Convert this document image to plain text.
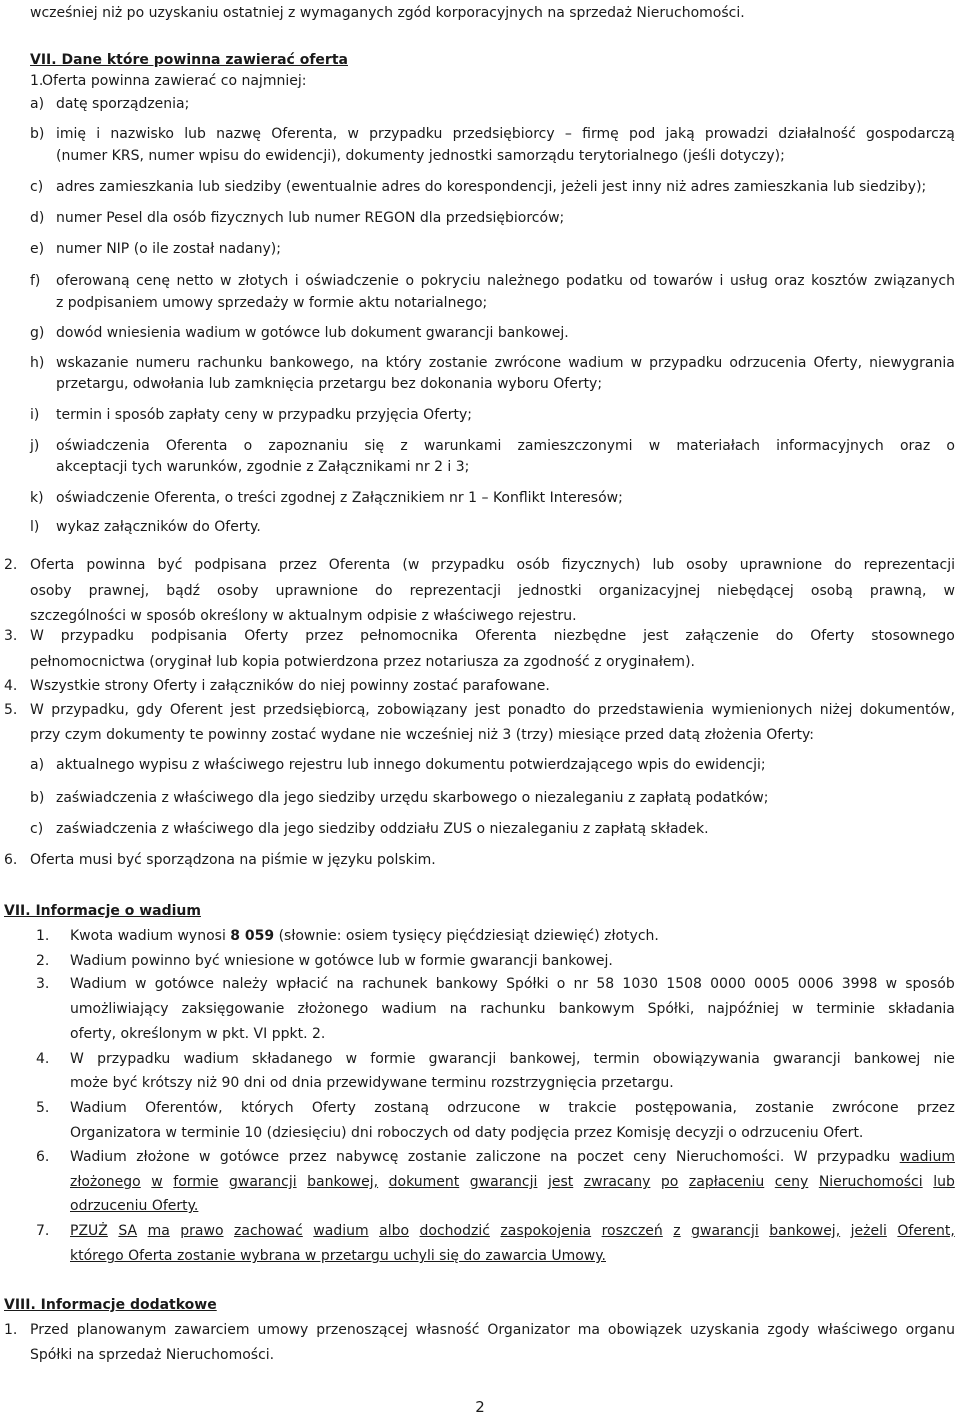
wcześniej niż po uzyskaniu ostatniej z wymaganych zgód korporacyjnych na sprzedaż Nieruchomości.
VII. Dane które powinna zawierać oferta
1.
Oferta powinna zawierać co najmniej:
a) datę sporządzenia;
b) imię i nazwisko lub nazwę Oferenta, w przypadku przedsiębiorcy – firmę pod jaką prowadzi działalność gospodarczą
(numer KRS, numer wpisu do ewidencji), dokumenty jednostki samorządu terytorialnego (jeśli dotyczy);
c) adres zamieszkania lub siedziby (ewentualnie adres do korespondencji, jeżeli jest inny niż adres zamieszkania lub siedziby);
d) numer Pesel dla osób fizycznych lub numer REGON dla przedsiębiorców;
e) numer NIP (o ile został nadany);
f) oferowaną cenę netto w złotych i oświadczenie o pokryciu należnego podatku od towarów i usług oraz kosztów związanych
z podpisaniem umowy sprzedaży w formie aktu notarialnego;
g) dowód wniesienia wadium w gotówce lub dokument gwarancji bankowej.
h) wskazanie numeru rachunku bankowego, na który zostanie zwrócone wadium w przypadku odrzucenia Oferty, niewygrania
przetargu, odwołania lub zamknięcia przetargu bez dokonania wyboru Oferty;
i) termin i sposób zapłaty ceny w przypadku przyjęcia Oferty;
j) oświadczenia Oferenta o zapoznaniu się z warunkami zamieszczonymi w materiałach informacyjnych oraz o
akceptacji tych warunków, zgodnie z Załącznikami nr 2 i 3;
k) oświadczenie Oferenta, o treści zgodnej z Załącznikiem nr 1 – Konflikt Interesów;
l) wykaz załączników do Oferty.
2. Oferta powinna być podpisana przez Oferenta (w przypadku osób fizycznych) lub osoby uprawnione do reprezentacji
osoby prawnej, bądź osoby uprawnione do reprezentacji jednostki organizacyjnej niebędącej osobą prawną, w
szczególności w sposób określony w aktualnym odpisie z właściwego rejestru.
3. W przypadku podpisania Oferty przez pełnomocnika Oferenta niezbędne jest załączenie do Oferty stosownego
pełnomocnictwa (oryginał lub kopia potwierdzona przez notariusza za zgodność z oryginałem).
4. Wszystkie strony Oferty i załączników do niej powinny zostać parafowane.
5. W przypadku, gdy Oferent jest przedsiębiorcą, zobowiązany jest ponadto do przedstawienia wymienionych niżej dokumentów,
przy czym dokumenty te powinny zostać wydane nie wcześniej niż 3 (trzy) miesiące przed datą złożenia Oferty:
a) aktualnego wypisu z właściwego rejestru lub innego dokumentu potwierdzającego wpis do ewidencji;
b) zaświadczenia z właściwego dla jego siedziby urzędu skarbowego o niezaleganiu z zapłatą podatków;
c) zaświadczenia z właściwego dla jego siedziby oddziału ZUS o niezaleganiu z zapłatą składek.
6. Oferta musi być sporządzona na piśmie w języku polskim.
VII. Informacje o wadium
1. Kwota wadium wynosi 8 059 (słownie: osiem tysięcy pięćdziesiąt dziewięć) złotych.
2. Wadium powinno być wniesione w gotówce lub w formie gwarancji bankowej.
3. Wadium w gotówce należy wpłacić na rachunek bankowy Spółki o nr 58 1030 1508 0000 0005 0006 3998 w sposób
umożliwiający zaksięgowanie złożonego wadium na rachunku bankowym Spółki, najpóźniej w terminie składania
oferty, określonym w pkt. VI ppkt. 2.
4. W przypadku wadium składanego w formie gwarancji bankowej, termin obowiązywania gwarancji bankowej nie
może być krótszy niż 90 dni od dnia przewidywane terminu rozstrzygnięcia przetargu.
5. Wadium Oferentów, których Oferty zostaną odrzucone w trakcie postępowania, zostanie zwrócone przez
Organizatora w terminie 10 (dziesięciu) dni roboczych od daty podjęcia przez Komisję decyzji o odrzuceniu Ofert.
6. Wadium złożone w gotówce przez nabywcę zostanie zaliczone na poczet ceny Nieruchomości. W przypadku wadium
złożonego w formie gwarancji bankowej, dokument gwarancji jest zwracany po zapłaceniu ceny Nieruchomości lub
odrzuceniu Oferty.
7. PZUŻ SA ma prawo zachować wadium albo dochodzić zaspokojenia roszczeń z gwarancji bankowej, jeżeli Oferent,
którego Oferta zostanie wybrana w przetargu uchyli się do zawarcia Umowy.
VIII. Informacje dodatkowe
1. Przed planowanym zawarciem umowy przenoszącej własność Organizator ma obowiązek uzyskania zgody właściwego organu
Spółki na sprzedaż Nieruchomości.
2
